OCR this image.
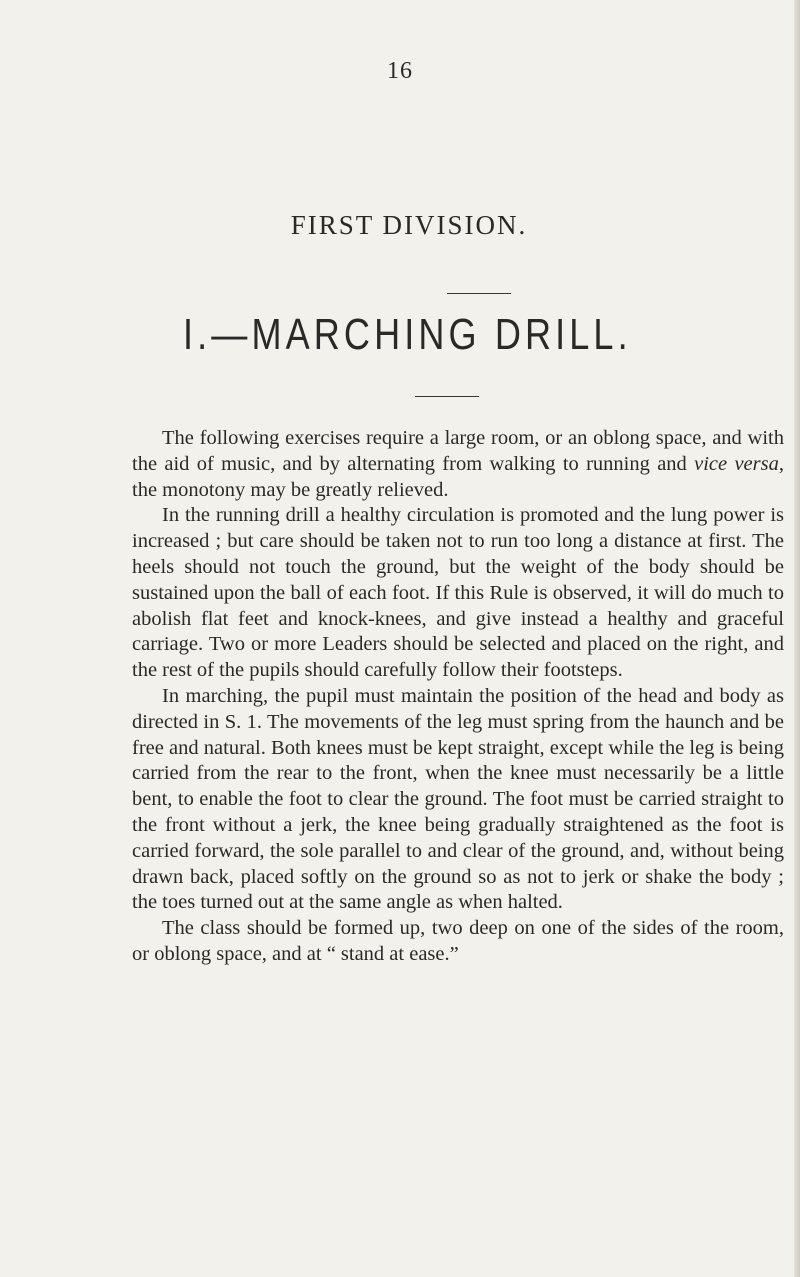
16
FIRST DIVISION.
I.—MARCHING DRILL.

The following exercises require a large room, or an oblong space, and with the aid of music, and by alternating from walking to running and vice versa, the monotony may be greatly relieved.

In the running drill a healthy circulation is promoted and the lung power is increased ; but care should be taken not to run too long a distance at first. The heels should not touch the ground, but the weight of the body should be sustained upon the ball of each foot. If this Rule is observed, it will do much to abolish flat feet and knock-knees, and give instead a healthy and graceful carriage. Two or more Leaders should be selected and placed on the right, and the rest of the pupils should carefully follow their footsteps.

In marching, the pupil must maintain the position of the head and body as directed in S. 1. The movements of the leg must spring from the haunch and be free and natural. Both knees must be kept straight, except while the leg is being carried from the rear to the front, when the knee must necessarily be a little bent, to enable the foot to clear the ground. The foot must be carried straight to the front without a jerk, the knee being gradually straightened as the foot is carried forward, the sole parallel to and clear of the ground, and, without being drawn back, placed softly on the ground so as not to jerk or shake the body ; the toes turned out at the same angle as when halted.

The class should be formed up, two deep on one of the sides of the room, or oblong space, and at “ stand at ease.”
